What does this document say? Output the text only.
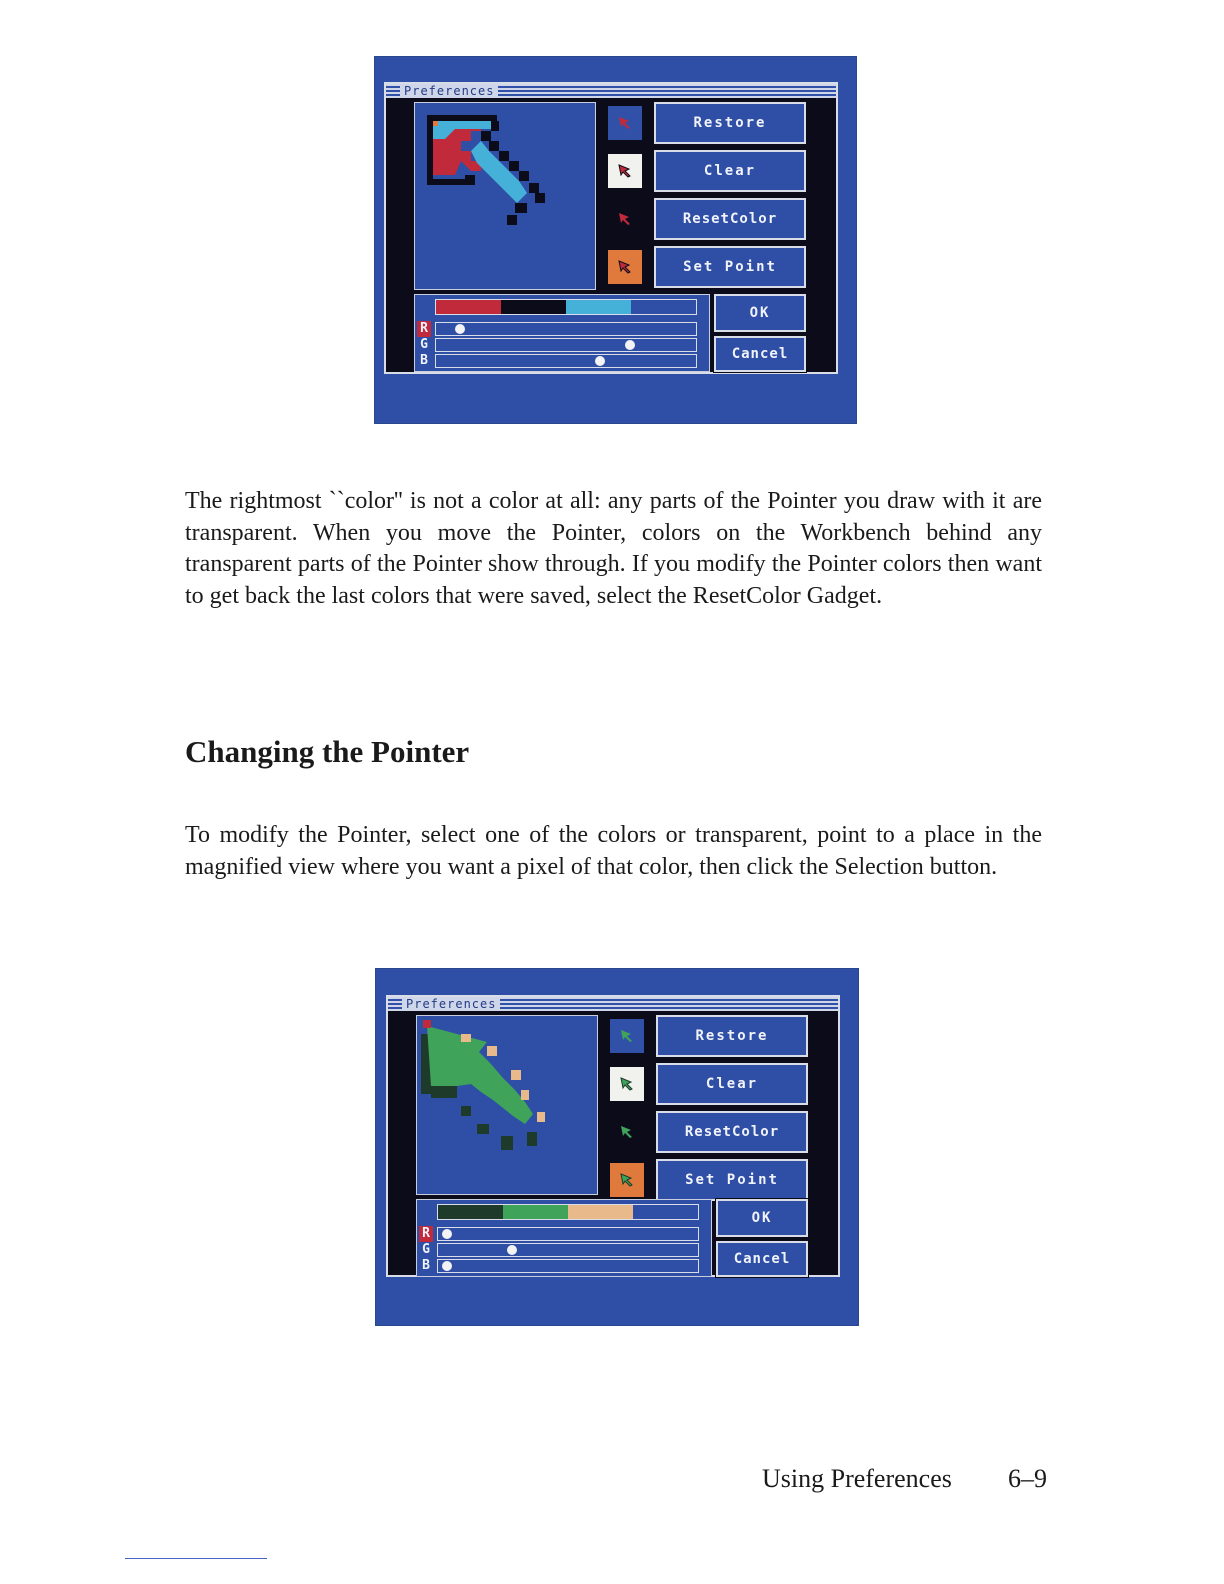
Preferences
Restore
Clear
ResetColor
Set Point
OK
Cancel
R
G
B

The rightmost ``color'' is not a color at all: any parts of the Pointer you draw with it are transparent. When you move the Pointer, colors on the Workbench behind any transparent parts of the Pointer show through. If you modify the Pointer colors then want to get back the last colors that were saved, select the ResetColor Gadget.

Changing the Pointer

To modify the Pointer, select one of the colors or transparent, point to a place in the magnified view where you want a pixel of that color, then click the Selection button.

Preferences
Restore
Clear
ResetColor
Set Point
OK
Cancel
R
G
B
Using Preferences 6–9
